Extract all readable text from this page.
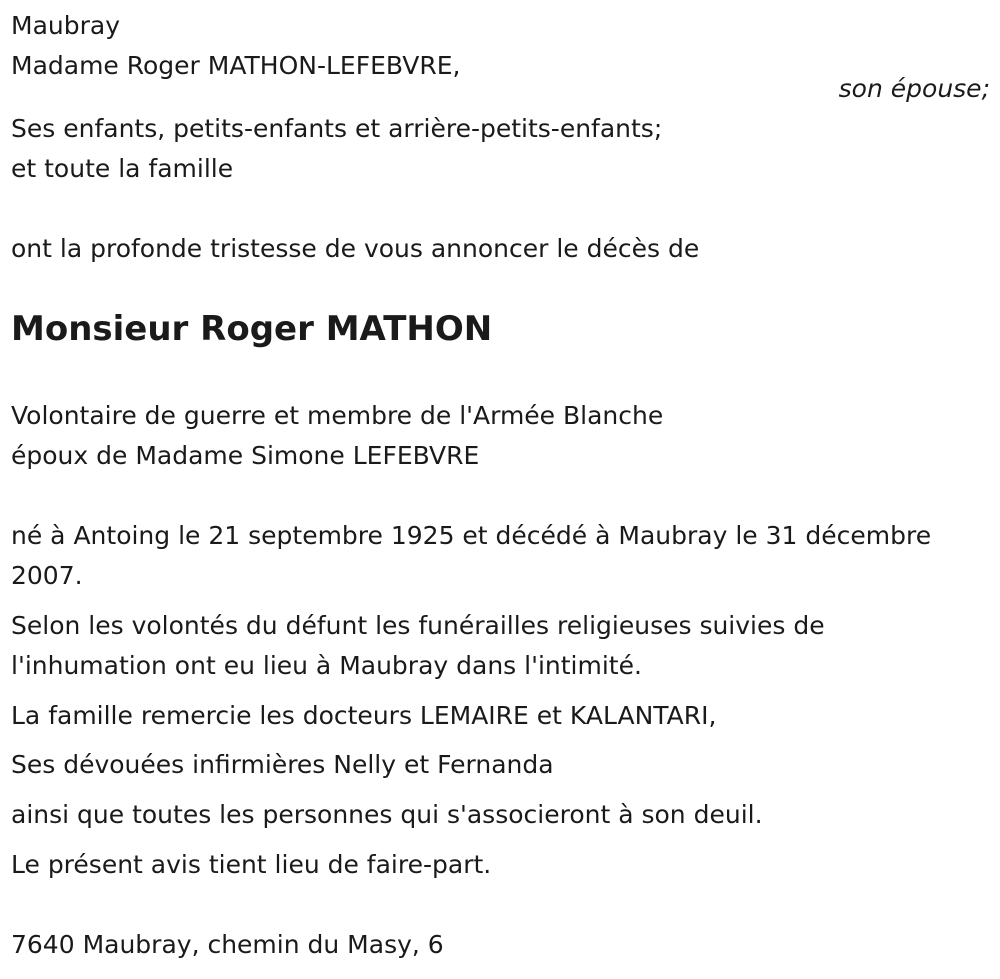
Maubray
Madame Roger MATHON-LEFEBVRE,
son épouse;
Ses enfants, petits-enfants et arrière-petits-enfants;
et toute la famille
ont la profonde tristesse de vous annoncer le décès de
Monsieur Roger MATHON
Volontaire de guerre et membre de l'Armée Blanche
époux de Madame Simone LEFEBVRE
né à Antoing le 21 septembre 1925 et décédé à Maubray le 31 décembre
2007.
Selon les volontés du défunt les funérailles religieuses suivies de
l'inhumation ont eu lieu à Maubray dans l'intimité.
La famille remercie les docteurs LEMAIRE et KALANTARI,
Ses dévouées infirmières Nelly et Fernanda
ainsi que toutes les personnes qui s'associeront à son deuil.
Le présent avis tient lieu de faire-part.
7640 Maubray, chemin du Masy, 6
